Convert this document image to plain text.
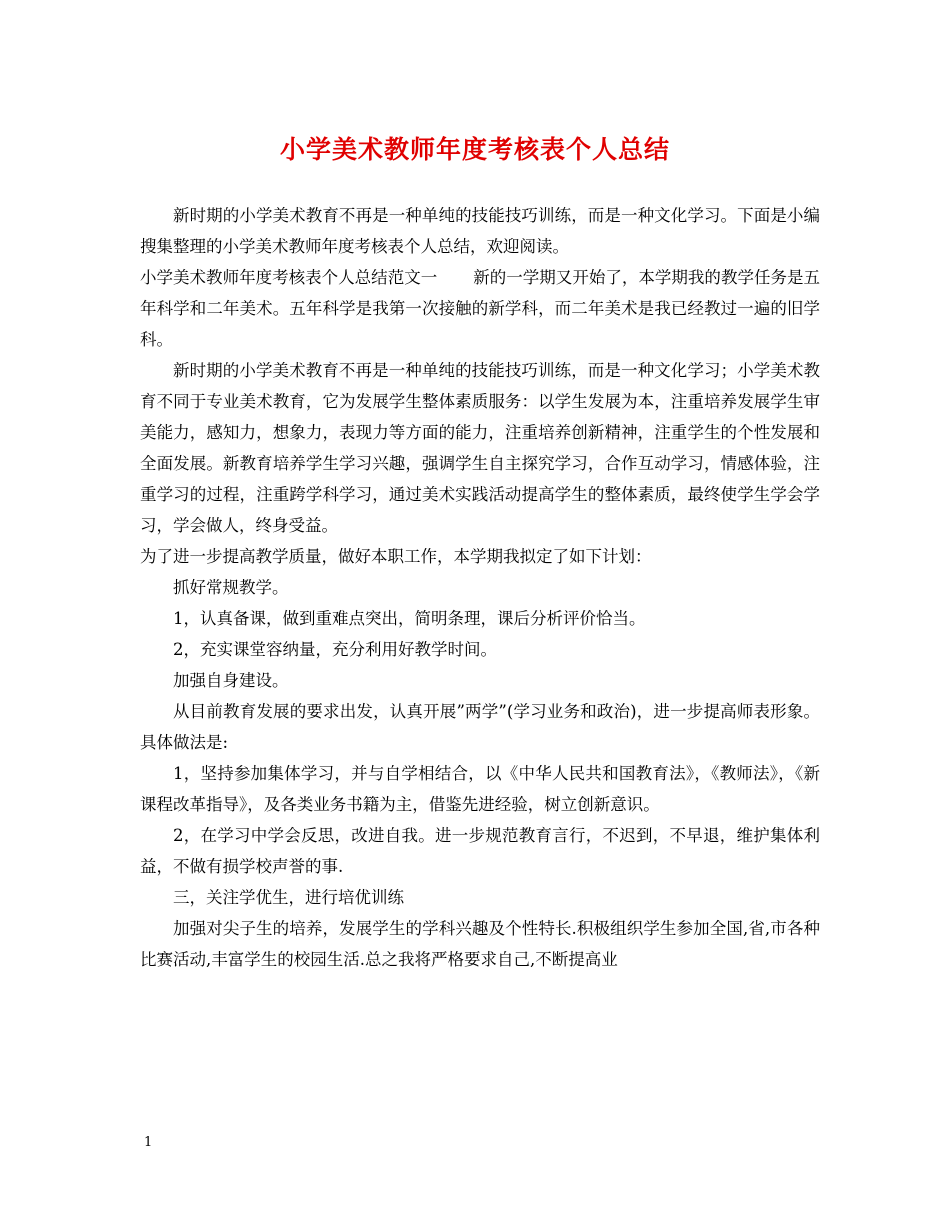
小学美术教师年度考核表个人总结

新时期的小学美术教育不再是一种单纯的技能技巧训练，而是一种文化学习。下面是小编搜集整理的小学美术教师年度考核表个人总结，欢迎阅读。

小学美术教师年度考核表个人总结范文一 新的一学期又开始了，本学期我的教学任务是五年科学和二年美术。五年科学是我第一次接触的新学科，而二年美术是我已经教过一遍的旧学科。

新时期的小学美术教育不再是一种单纯的技能技巧训练，而是一种文化学习；小学美术教育不同于专业美术教育，它为发展学生整体素质服务：以学生发展为本，注重培养发展学生审美能力，感知力，想象力，表现力等方面的能力，注重培养创新精神，注重学生的个性发展和全面发展。新教育培养学生学习兴趣，强调学生自主探究学习，合作互动学习，情感体验，注重学习的过程，注重跨学科学习，通过美术实践活动提高学生的整体素质，最终使学生学会学习，学会做人，终身受益。

为了进一步提高教学质量，做好本职工作，本学期我拟定了如下计划：

抓好常规教学。

1，认真备课，做到重难点突出，简明条理，课后分析评价恰当。

2，充实课堂容纳量，充分利用好教学时间。

加强自身建设。

从目前教育发展的要求出发，认真开展”两学”(学习业务和政治)，进一步提高师表形象。具体做法是:

1，坚持参加集体学习，并与自学相结合，以《中华人民共和国教育法》，《教师法》，《新课程改革指导》，及各类业务书籍为主，借鉴先进经验，树立创新意识。

2，在学习中学会反思，改进自我。进一步规范教育言行，不迟到，不早退，维护集体利益，不做有损学校声誉的事.

三，关注学优生，进行培优训练

加强对尖子生的培养，发展学生的学科兴趣及个性特长.积极组织学生参加全国,省,市各种比赛活动,丰富学生的校园生活.总之我将严格要求自己,不断提高业

1
